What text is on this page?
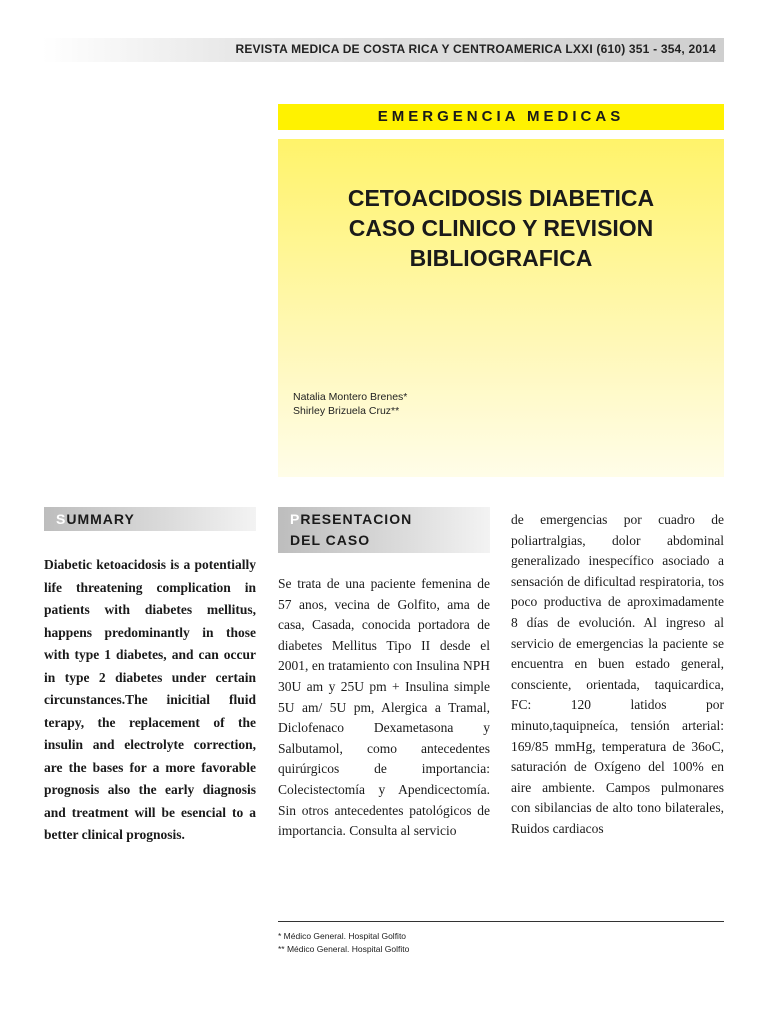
REVISTA MEDICA DE COSTA RICA Y CENTROAMERICA LXXI (610) 351 - 354, 2014
EMERGENCIA MEDICAS
CETOACIDOSIS DIABETICA
CASO CLINICO Y REVISION
BIBLIOGRAFICA
Natalia Montero Brenes*
Shirley Brizuela Cruz**
SUMMARY

Diabetic ketoacidosis is a potentially life threatening complication in patients with diabetes mellitus, happens predominantly in those with type 1 diabetes, and can occur in type 2 diabetes under certain circunstances.The inicitial fluid terapy, the replacement of the insulin and electrolyte correction, are the bases for a more favorable prognosis also the early diagnosis and treatment will be esencial to a better clinical prognosis.

PRESENTACION
DEL CASO

Se trata de una paciente femenina de 57 anos, vecina de Golfito, ama de casa, Casada, conocida portadora de diabetes Mellitus Tipo II desde el 2001, en tratamiento con Insulina NPH 30U am y 25U pm + Insulina simple 5U am/ 5U pm, Alergica a Tramal, Diclofenaco Dexametasona y Salbutamol, como antecedentes quirúrgicos de importancia: Colecistectomía y Apendicectomía. Sin otros antecedentes patológicos de importancia. Consulta al servicio

de emergencias por cuadro de poliartralgias, dolor abdominal generalizado inespecífico asociado a sensación de dificultad respiratoria, tos poco productiva de aproximadamente 8 días de evolución. Al ingreso al servicio de emergencias la paciente se encuentra en buen estado general, consciente, orientada, taquicardica, FC: 120 latidos por minuto,taquipneíca, tensión arterial: 169/85 mmHg, temperatura de 36oC, saturación de Oxígeno del 100% en aire ambiente. Campos pulmonares con sibilancias de alto tono bilaterales, Ruidos cardiacos

* Médico General. Hospital Golfito
** Médico General. Hospital Golfito
